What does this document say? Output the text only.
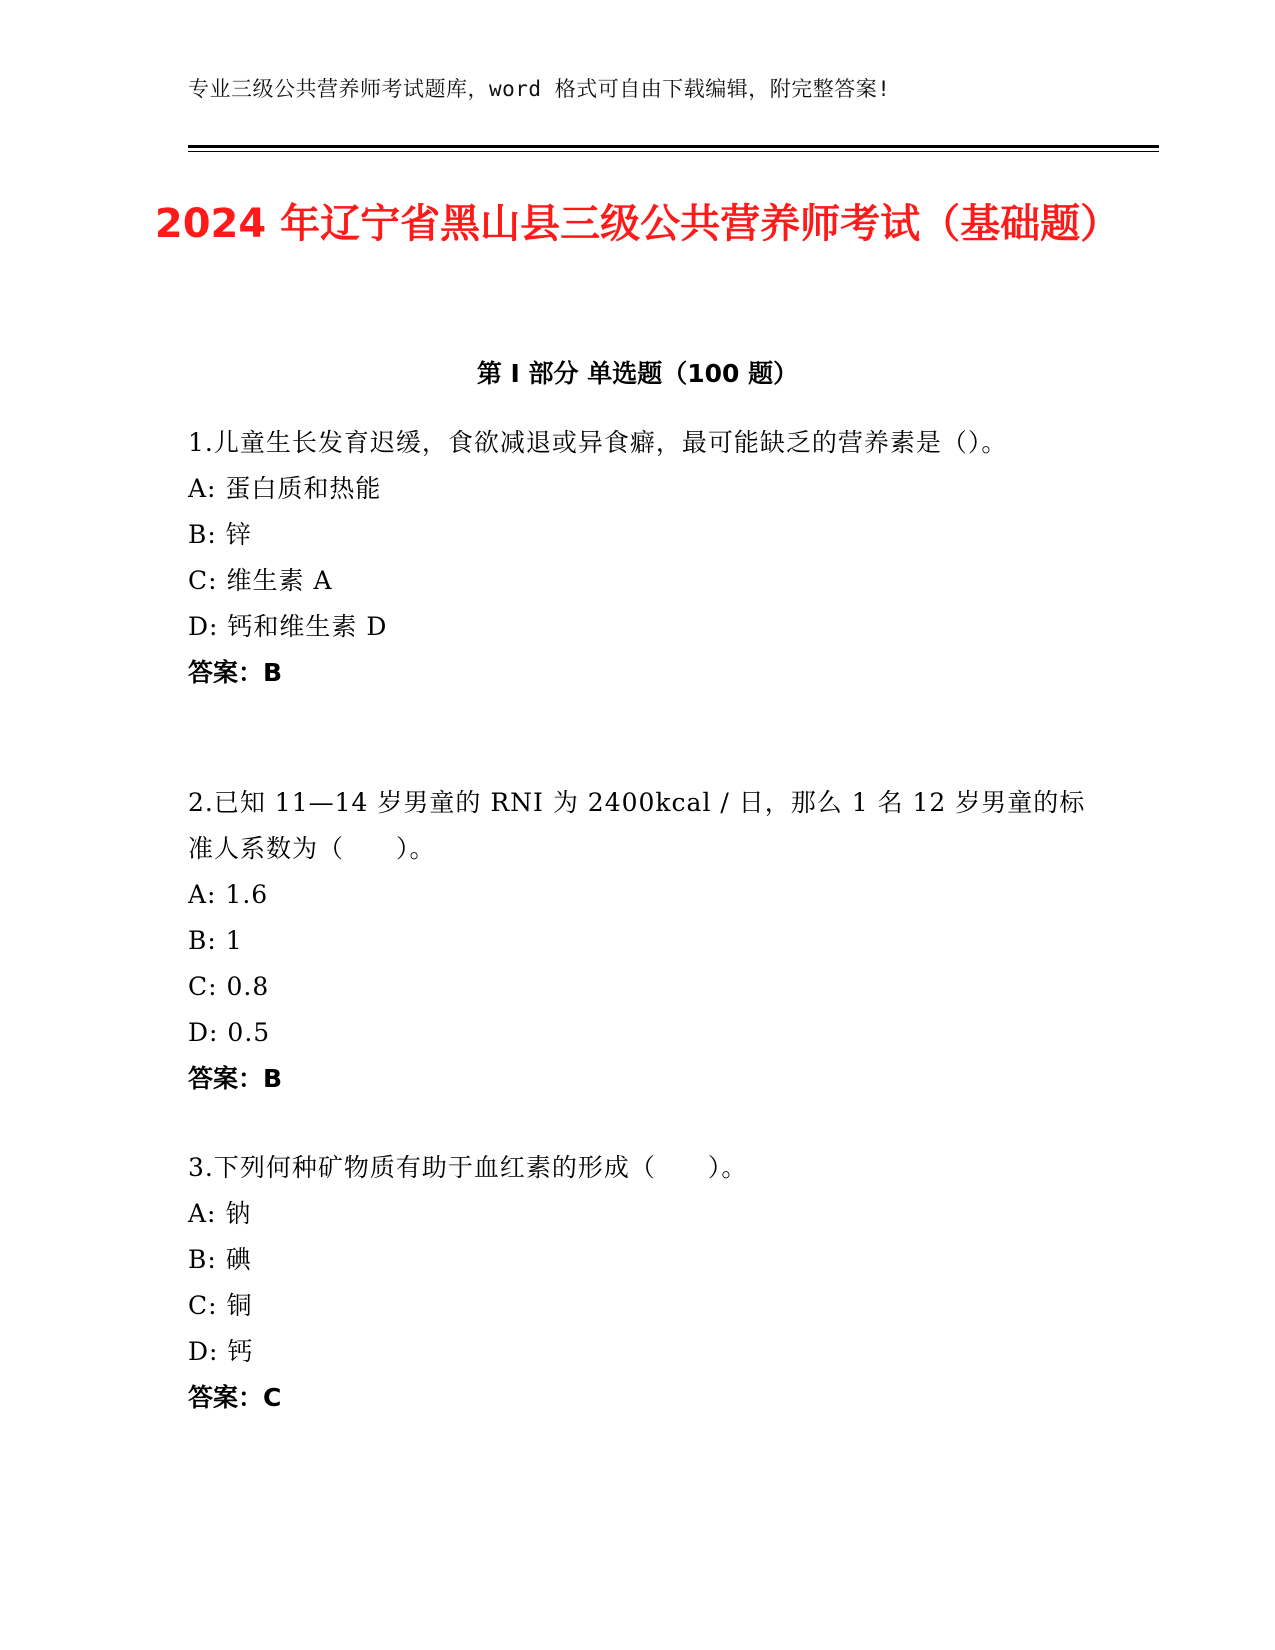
专业三级公共营养师考试题库，word 格式可自由下载编辑，附完整答案!
2024 年辽宁省黑山县三级公共营养师考试（基础题）
第 I 部分 单选题（100 题）
1.儿童生长发育迟缓，食欲减退或异食癖，最可能缺乏的营养素是（）。
A: 蛋白质和热能
B: 锌
C: 维生素 A
D: 钙和维生素 D
答案：B
2.已知 11—14 岁男童的 RNI 为 2400kcal / 日，那么 1 名 12 岁男童的标准人系数为（　　）。
A: 1.6
B: 1
C: 0.8
D: 0.5
答案：B
3.下列何种矿物质有助于血红素的形成（　　）。
A: 钠
B: 碘
C: 铜
D: 钙
答案：C
